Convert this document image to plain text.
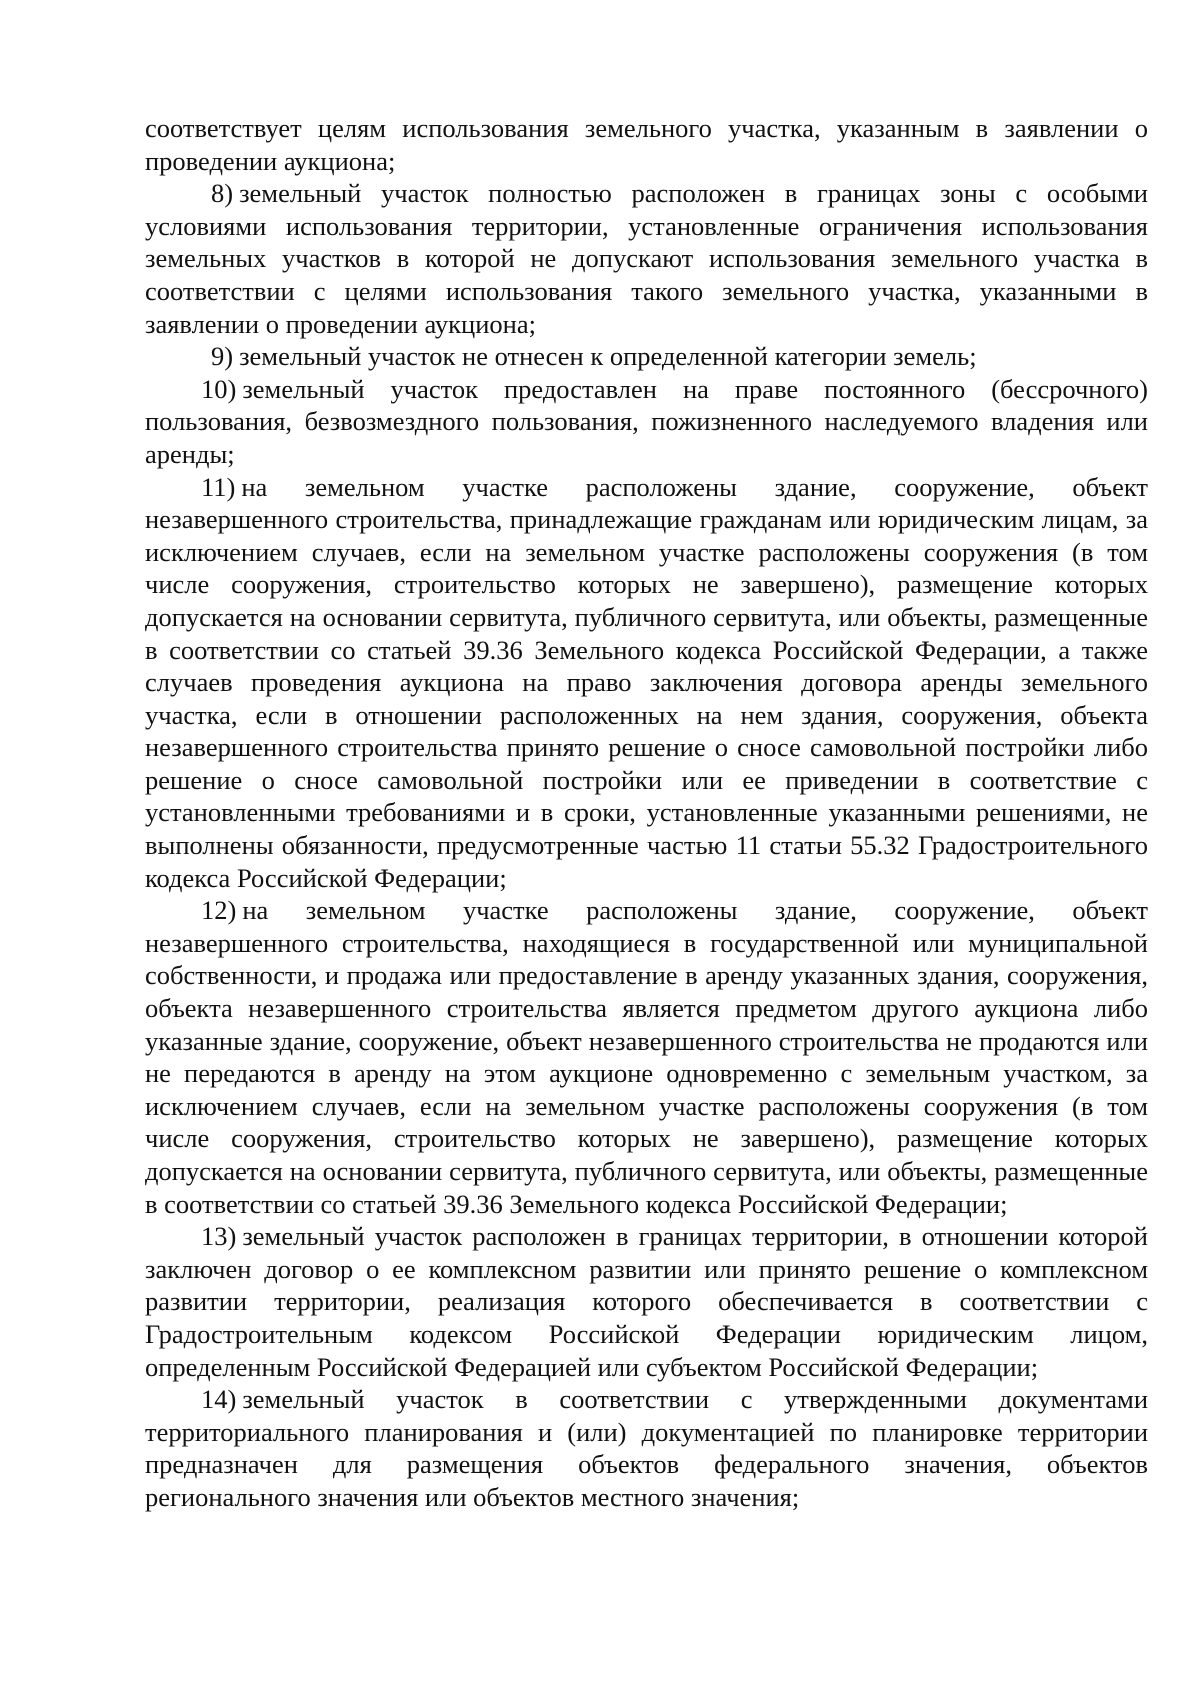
соответствует целям использования земельного участка, указанным в заявлении о проведении аукциона;

8) земельный участок полностью расположен в границах зоны с особыми условиями использования территории, установленные ограничения использования земельных участков в которой не допускают использования земельного участка в соответствии с целями использования такого земельного участка, указанными в заявлении о проведении аукциона;

9) земельный участок не отнесен к определенной категории земель;

10) земельный участок предоставлен на праве постоянного (бессрочного) пользования, безвозмездного пользования, пожизненного наследуемого владения или аренды;

11) на земельном участке расположены здание, сооружение, объект незавершенного строительства, принадлежащие гражданам или юридическим лицам, за исключением случаев, если на земельном участке расположены сооружения (в том числе сооружения, строительство которых не завершено), размещение которых допускается на основании сервитута, публичного сервитута, или объекты, размещенные в соответствии со статьей 39.36 Земельного кодекса Российской Федерации, а также случаев проведения аукциона на право заключения договора аренды земельного участка, если в отношении расположенных на нем здания, сооружения, объекта незавершенного строительства принято решение о сносе самовольной постройки либо решение о сносе самовольной постройки или ее приведении в соответствие с установленными требованиями и в сроки, установленные указанными решениями, не выполнены обязанности, предусмотренные частью 11 статьи 55.32 Градостроительного кодекса Российской Федерации;

12) на земельном участке расположены здание, сооружение, объект незавершенного строительства, находящиеся в государственной или муниципальной собственности, и продажа или предоставление в аренду указанных здания, сооружения, объекта незавершенного строительства является предметом другого аукциона либо указанные здание, сооружение, объект незавершенного строительства не продаются или не передаются в аренду на этом аукционе одновременно с земельным участком, за исключением случаев, если на земельном участке расположены сооружения (в том числе сооружения, строительство которых не завершено), размещение которых допускается на основании сервитута, публичного сервитута, или объекты, размещенные в соответствии со статьей 39.36 Земельного кодекса Российской Федерации;

13) земельный участок расположен в границах территории, в отношении которой заключен договор о ее комплексном развитии или принято решение о комплексном развитии территории, реализация которого обеспечивается в соответствии с Градостроительным кодексом Российской Федерации юридическим лицом, определенным Российской Федерацией или субъектом Российской Федерации;

14) земельный участок в соответствии с утвержденными документами территориального планирования и (или) документацией по планировке территории предназначен для размещения объектов федерального значения, объектов регионального значения или объектов местного значения;
